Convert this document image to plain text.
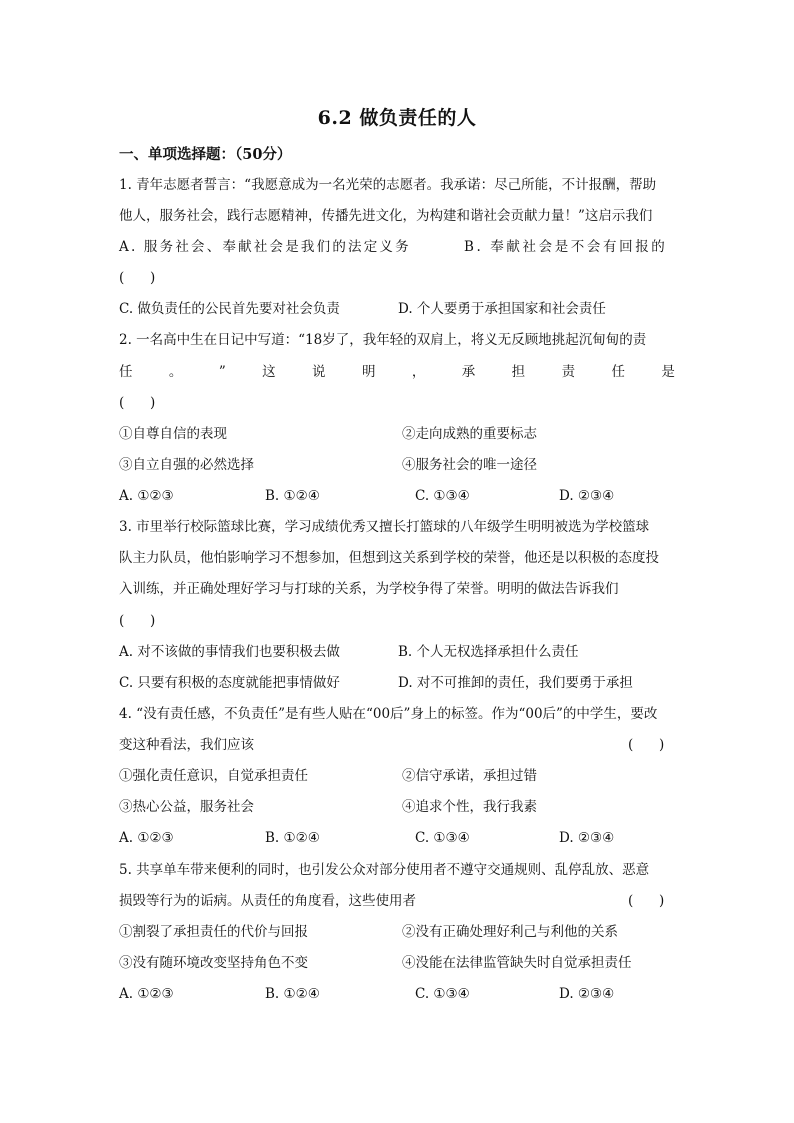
6.2 做负责任的人
一、单项选择题：（50分）
1. 青年志愿者誓言：“我愿意成为一名光荣的志愿者。我承诺：尽己所能，不计报酬，帮助
他人，服务社会，践行志愿精神，传播先进文化，为构建和谐社会贡献力量！”这启示我们
A. 服务社会、奉献社会是我们的法定义务	B. 奉献社会是不会有回报的
(      )
C. 做负责任的公民首先要对社会负责	D. 个人要勇于承担国家和社会责任
2. 一名高中生在日记中写道：“18岁了，我年轻的双肩上，将义无反顾地挑起沉甸甸的责
任	。	”	这	说	明	，	承	担	责	任	是
(      )
①自尊自信的表现	②走向成熟的重要标志
③自立自强的必然选择	④服务社会的唯一途径
A. ①②③	B. ①②④	C. ①③④	D. ②③④
3. 市里举行校际篮球比赛，学习成绩优秀又擅长打篮球的八年级学生明明被选为学校篮球
队主力队员，他怕影响学习不想参加，但想到这关系到学校的荣誉，他还是以积极的态度投
入训练，并正确处理好学习与打球的关系，为学校争得了荣誉。明明的做法告诉我们
(      )
A. 对不该做的事情我们也要积极去做	B. 个人无权选择承担什么责任
C. 只要有积极的态度就能把事情做好	D. 对不可推卸的责任，我们要勇于承担
4. “没有责任感，不负责任”是有些人贴在“00后”身上的标签。作为“00后”的中学生，要改
变这种看法，我们应该	(      )
①强化责任意识，自觉承担责任	②信守承诺，承担过错
③热心公益，服务社会	④追求个性，我行我素
A. ①②③	B. ①②④	C. ①③④	D. ②③④
5. 共享单车带来便利的同时，也引发公众对部分使用者不遵守交通规则、乱停乱放、恶意
损毁等行为的诟病。从责任的角度看，这些使用者	(      )
①割裂了承担责任的代价与回报	②没有正确处理好利己与利他的关系
③没有随环境改变坚持角色不变	④没能在法律监管缺失时自觉承担责任
A. ①②③	B. ①②④	C. ①③④	D. ②③④
